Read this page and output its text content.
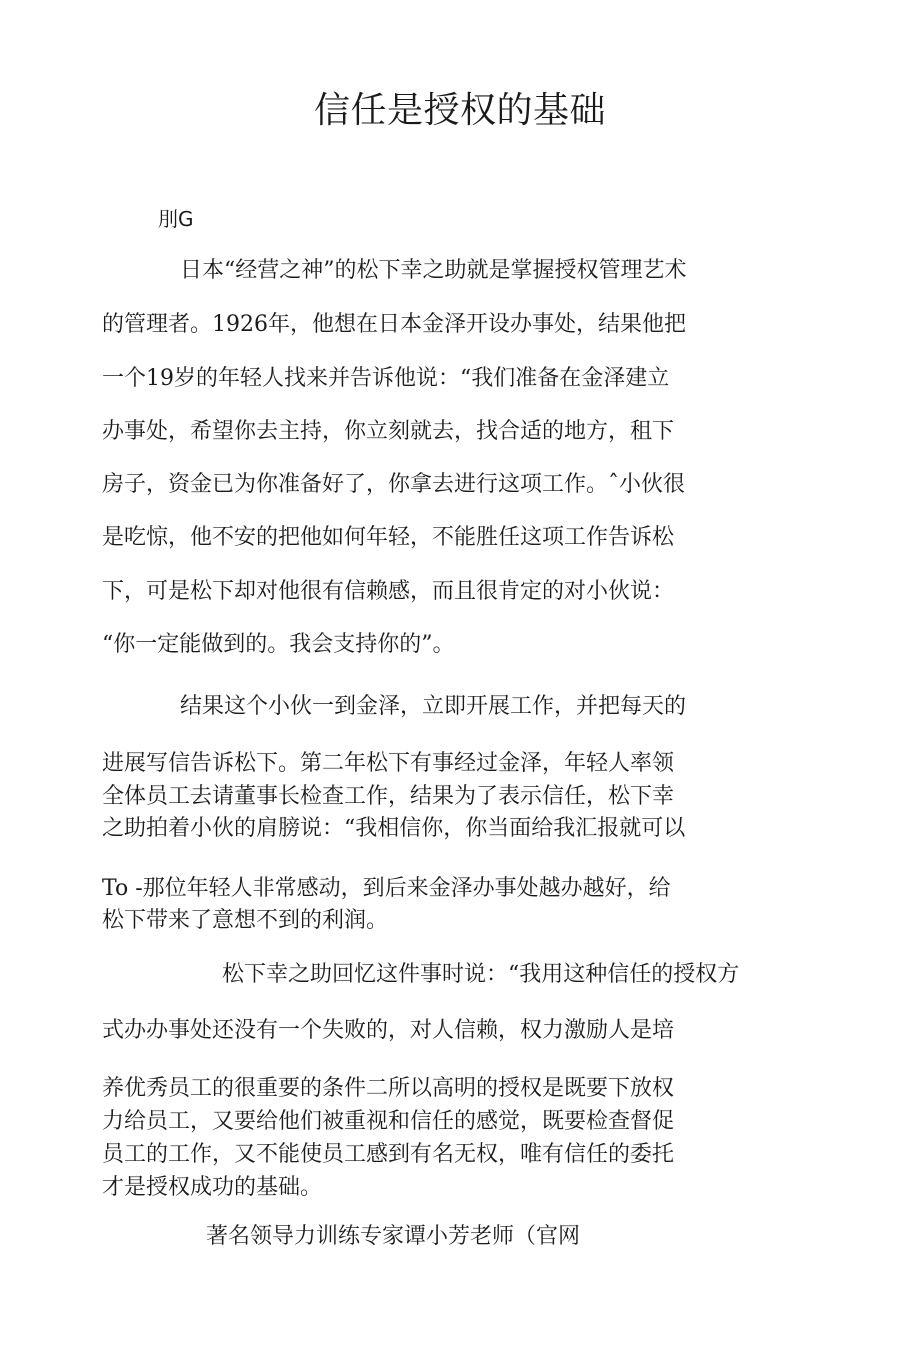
信任是授权的基础
刖G
日本“经营之神”的松下幸之助就是掌握授权管理艺术
的管理者。1926年，他想在日本金泽开设办事处，结果他把
一个19岁的年轻人找来并告诉他说：“我们准备在金泽建立
办事处，希望你去主持，你立刻就去，找合适的地方，租下
房子，资金已为你准备好了，你拿去进行这项工作。ˆ小伙很
是吃惊，他不安的把他如何年轻，不能胜任这项工作告诉松
下，可是松下却对他很有信赖感，而且很肯定的对小伙说：
“你一定能做到的。我会支持你的”。
结果这个小伙一到金泽，立即开展工作，并把每天的
进展写信告诉松下。第二年松下有事经过金泽，年轻人率领
全体员工去请董事长检查工作，结果为了表示信任，松下幸
之助拍着小伙的肩膀说：“我相信你，你当面给我汇报就可以
To -那位年轻人非常感动，到后来金泽办事处越办越好，给
松下带来了意想不到的利润。
松下幸之助回忆这件事时说：“我用这种信任的授权方
式办办事处还没有一个失败的，对人信赖，权力激励人是培
养优秀员工的很重要的条件二所以高明的授权是既要下放权
力给员工，又要给他们被重视和信任的感觉，既要检查督促
员工的工作，又不能使员工感到有名无权，唯有信任的委托
才是授权成功的基础。
著名领导力训练专家谭小芳老师（官网
